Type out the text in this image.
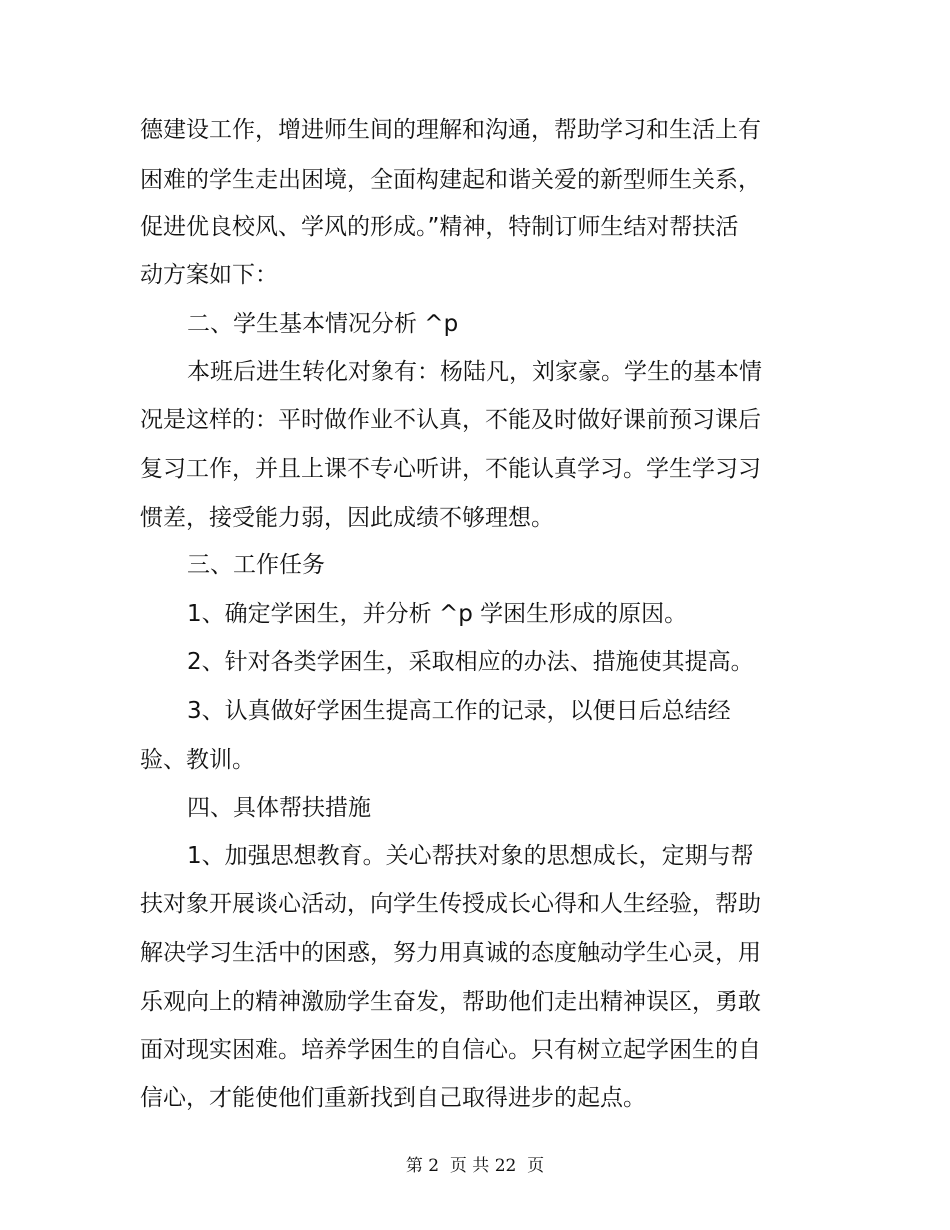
德建设工作，增进师生间的理解和沟通，帮助学习和生活上有
困难的学生走出困境，全面构建起和谐关爱的新型师生关系，
促进优良校风、学风的形成。”精神，特制订师生结对帮扶活
动方案如下：
二、学生基本情况分析 ^p
本班后进生转化对象有：杨陆凡，刘家豪。学生的基本情
况是这样的：平时做作业不认真，不能及时做好课前预习课后
复习工作，并且上课不专心听讲，不能认真学习。学生学习习
惯差，接受能力弱，因此成绩不够理想。
三、工作任务
1、确定学困生，并分析 ^p 学困生形成的原因。
2、针对各类学困生，采取相应的办法、措施使其提高。
3、认真做好学困生提高工作的记录，以便日后总结经
验、教训。
四、具体帮扶措施
1、加强思想教育。关心帮扶对象的思想成长，定期与帮
扶对象开展谈心活动，向学生传授成长心得和人生经验，帮助
解决学习生活中的困惑，努力用真诚的态度触动学生心灵，用
乐观向上的精神激励学生奋发，帮助他们走出精神误区，勇敢
面对现实困难。培养学困生的自信心。只有树立起学困生的自
信心，才能使他们重新找到自己取得进步的起点。
第 2  页 共 22  页
